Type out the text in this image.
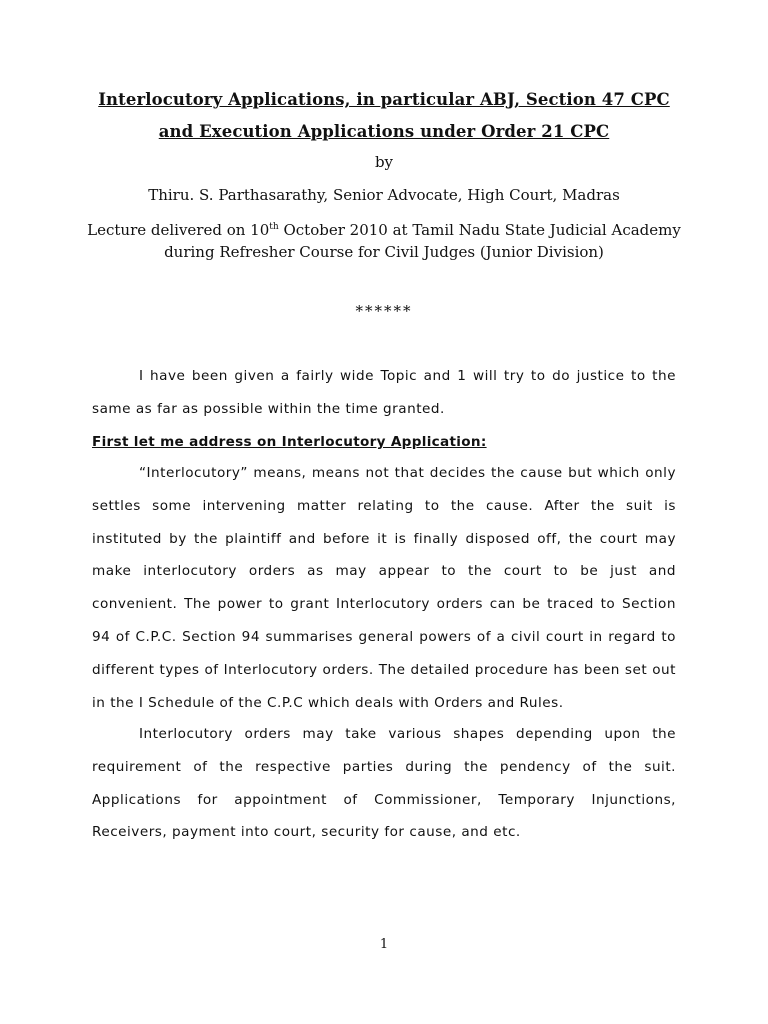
Interlocutory Applications, in particular ABJ, Section 47 CPC
and Execution Applications under Order 21 CPC
by
Thiru. S. Parthasarathy, Senior Advocate, High Court, Madras
Lecture delivered on 10th October 2010 at Tamil Nadu State Judicial Academy
during Refresher Course for Civil Judges (Junior Division)
******

I have been given a fairly wide Topic and 1 will try to do justice to the same as far as possible within the time granted.

First let me address on Interlocutory Application:

“Interlocutory” means, means not that decides the cause but which only settles some intervening matter relating to the cause. After the suit is instituted by the plaintiff and before it is finally disposed off, the court may make interlocutory orders as may appear to the court to be just and convenient. The power to grant Interlocutory orders can be traced to Section 94 of C.P.C. Section 94 summarises general powers of a civil court in regard to different types of Interlocutory orders. The detailed procedure has been set out in the I Schedule of the C.P.C which deals with Orders and Rules.

Interlocutory orders may take various shapes depending upon the requirement of the respective parties during the pendency of the suit. Applications for appointment of Commissioner, Temporary Injunctions, Receivers, payment into court, security for cause, and etc.

1
